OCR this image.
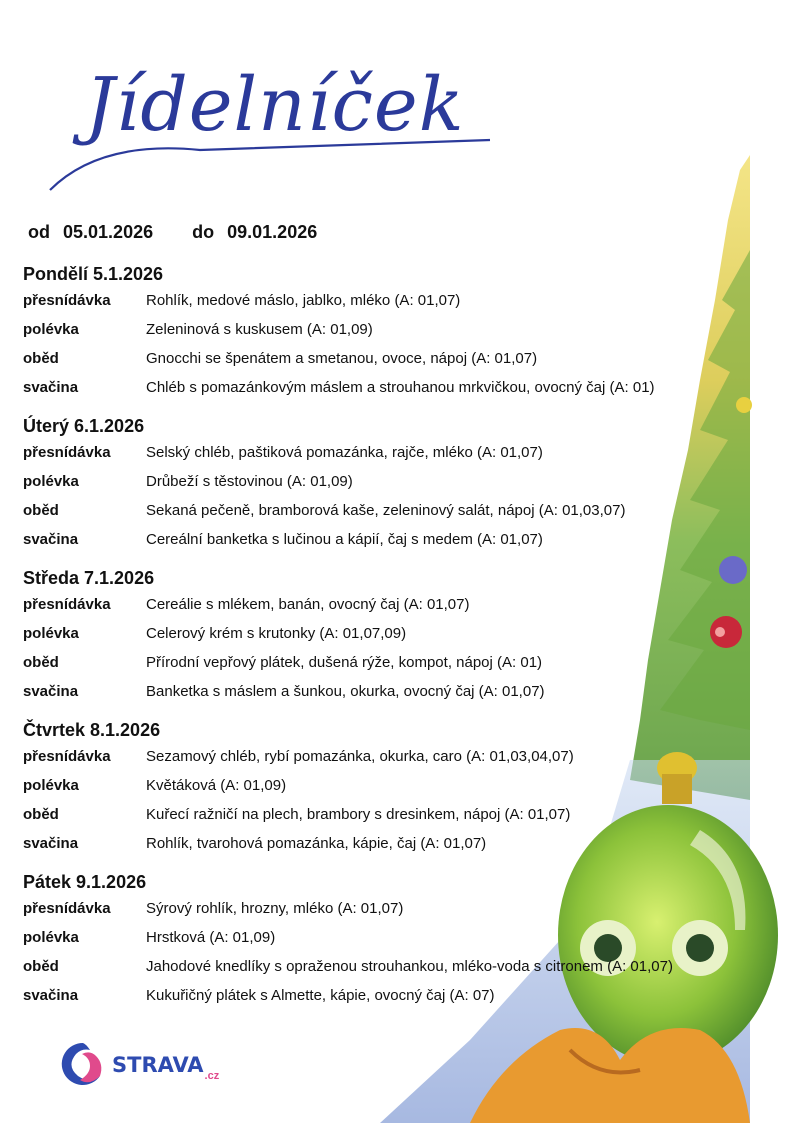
Jídelníček
od 05.01.2026 do 09.01.2026
Pondělí 5.1.2026
přesnídávka	Rohlík, medové máslo, jablko, mléko (A: 01,07)
polévka	Zeleninová s kuskusem (A: 01,09)
oběd	Gnocchi se špenátem a smetanou, ovoce, nápoj (A: 01,07)
svačina	Chléb s pomazánkovým máslem a strouhanou mrkvičkou, ovocný čaj (A: 01)
Úterý 6.1.2026
přesnídávka	Selský chléb, paštiková pomazánka, rajče, mléko (A: 01,07)
polévka	Drůbeží s těstovinou (A: 01,09)
oběd	Sekaná pečeně, bramborová kaše, zeleninový salát, nápoj (A: 01,03,07)
svačina	Cereální banketka s lučinou a kápií, čaj s medem (A: 01,07)
Středa 7.1.2026
přesnídávka	Cereálie s mlékem, banán, ovocný čaj (A: 01,07)
polévka	Celerový krém s krutonky (A: 01,07,09)
oběd	Přírodní vepřový plátek, dušená rýže, kompot, nápoj (A: 01)
svačina	Banketka s máslem a šunkou, okurka, ovocný čaj (A: 01,07)
Čtvrtek 8.1.2026
přesnídávka	Sezamový chléb, rybí pomazánka, okurka, caro (A: 01,03,04,07)
polévka	Květáková (A: 01,09)
oběd	Kuřecí ražničí na plech, brambory s dresinkem, nápoj (A: 01,07)
svačina	Rohlík, tvarohová pomazánka, kápie, čaj (A: 01,07)
Pátek 9.1.2026
přesnídávka	Sýrový rohlík, hrozny, mléko (A: 01,07)
polévka	Hrstková (A: 01,09)
oběd	Jahodové knedlíky s opraženou strouhankou, mléko-voda s citronem (A: 01,07)
svačina	Kukuřičný plátek s Almette, kápie, ovocný čaj (A: 07)
STRAVA .cz
